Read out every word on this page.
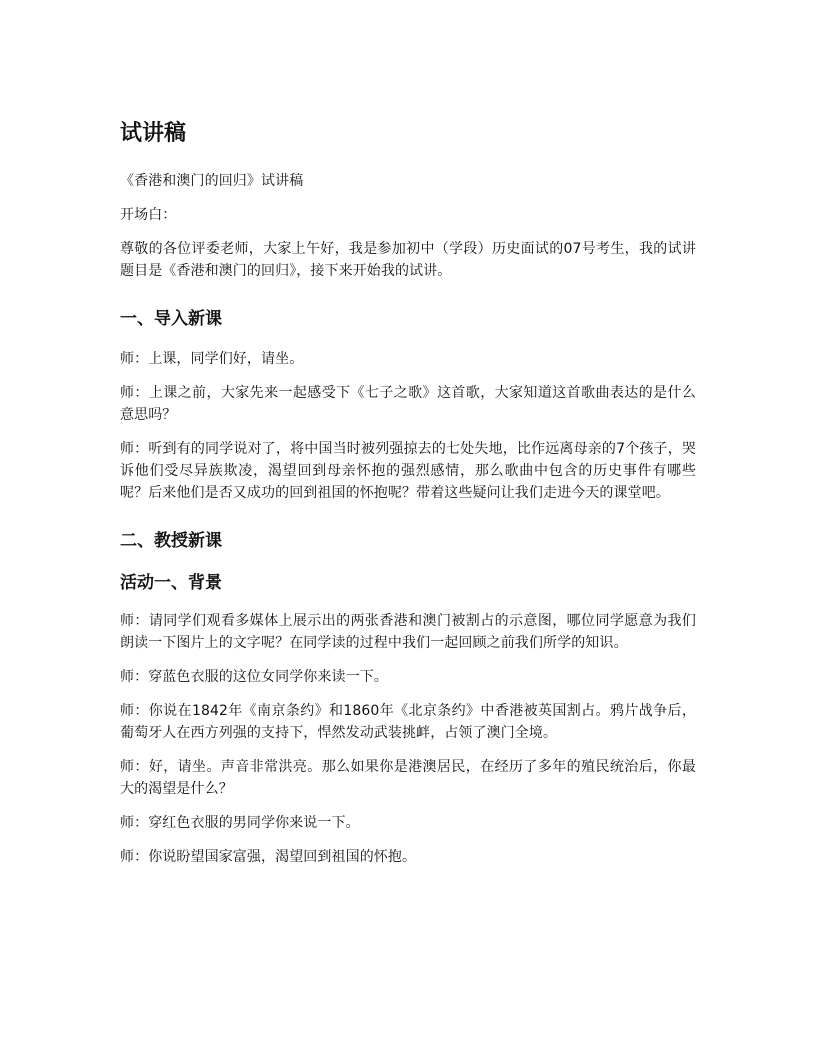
试讲稿

《香港和澳门的回归》试讲稿

开场白：

尊敬的各位评委老师，大家上午好，我是参加初中（学段）历史面试的07号考生，我的试讲题目是《香港和澳门的回归》，接下来开始我的试讲。

一、导入新课

师：上课，同学们好，请坐。

师：上课之前，大家先来一起感受下《七子之歌》这首歌，大家知道这首歌曲表达的是什么意思吗？

师：听到有的同学说对了，将中国当时被列强掠去的七处失地，比作远离母亲的7个孩子，哭诉他们受尽异族欺凌，渴望回到母亲怀抱的强烈感情，那么歌曲中包含的历史事件有哪些呢？后来他们是否又成功的回到祖国的怀抱呢？带着这些疑问让我们走进今天的课堂吧。

二、教授新课
活动一、背景

师：请同学们观看多媒体上展示出的两张香港和澳门被割占的示意图，哪位同学愿意为我们朗读一下图片上的文字呢？在同学读的过程中我们一起回顾之前我们所学的知识。

师：穿蓝色衣服的这位女同学你来读一下。

师：你说在1842年《南京条约》和1860年《北京条约》中香港被英国割占。鸦片战争后，葡萄牙人在西方列强的支持下，悍然发动武装挑衅，占领了澳门全境。

师：好，请坐。声音非常洪亮。那么如果你是港澳居民，在经历了多年的殖民统治后，你最大的渴望是什么？

师：穿红色衣服的男同学你来说一下。

师：你说盼望国家富强，渴望回到祖国的怀抱。
